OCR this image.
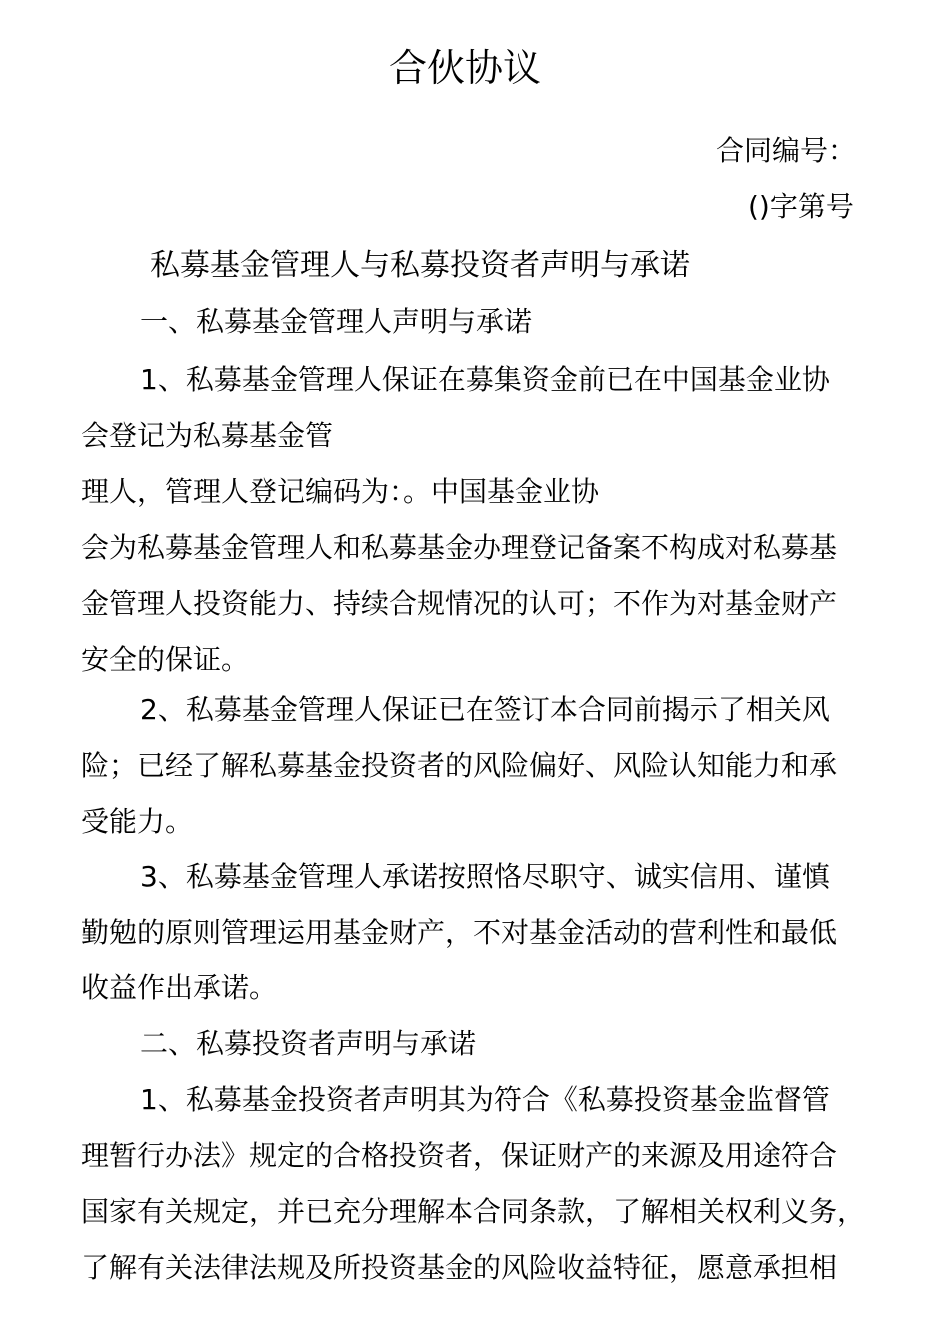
合伙协议
合同编号：
()字第号
私募基金管理人与私募投资者声明与承诺
一、私募基金管理人声明与承诺
1、私募基金管理人保证在募集资金前已在中国基金业协
会登记为私募基金管
理人，管理人登记编码为：。中国基金业协
会为私募基金管理人和私募基金办理登记备案不构成对私募基
金管理人投资能力、持续合规情况的认可；不作为对基金财产
安全的保证。
2、私募基金管理人保证已在签订本合同前揭示了相关风
险；已经了解私募基金投资者的风险偏好、风险认知能力和承
受能力。
3、私募基金管理人承诺按照恪尽职守、诚实信用、谨慎
勤勉的原则管理运用基金财产，不对基金活动的营利性和最低
收益作出承诺。
二、私募投资者声明与承诺
1、私募基金投资者声明其为符合《私募投资基金监督管
理暂行办法》规定的合格投资者，保证财产的来源及用途符合
国家有关规定，并已充分理解本合同条款，了解相关权利义务，
了解有关法律法规及所投资基金的风险收益特征，愿意承担相
